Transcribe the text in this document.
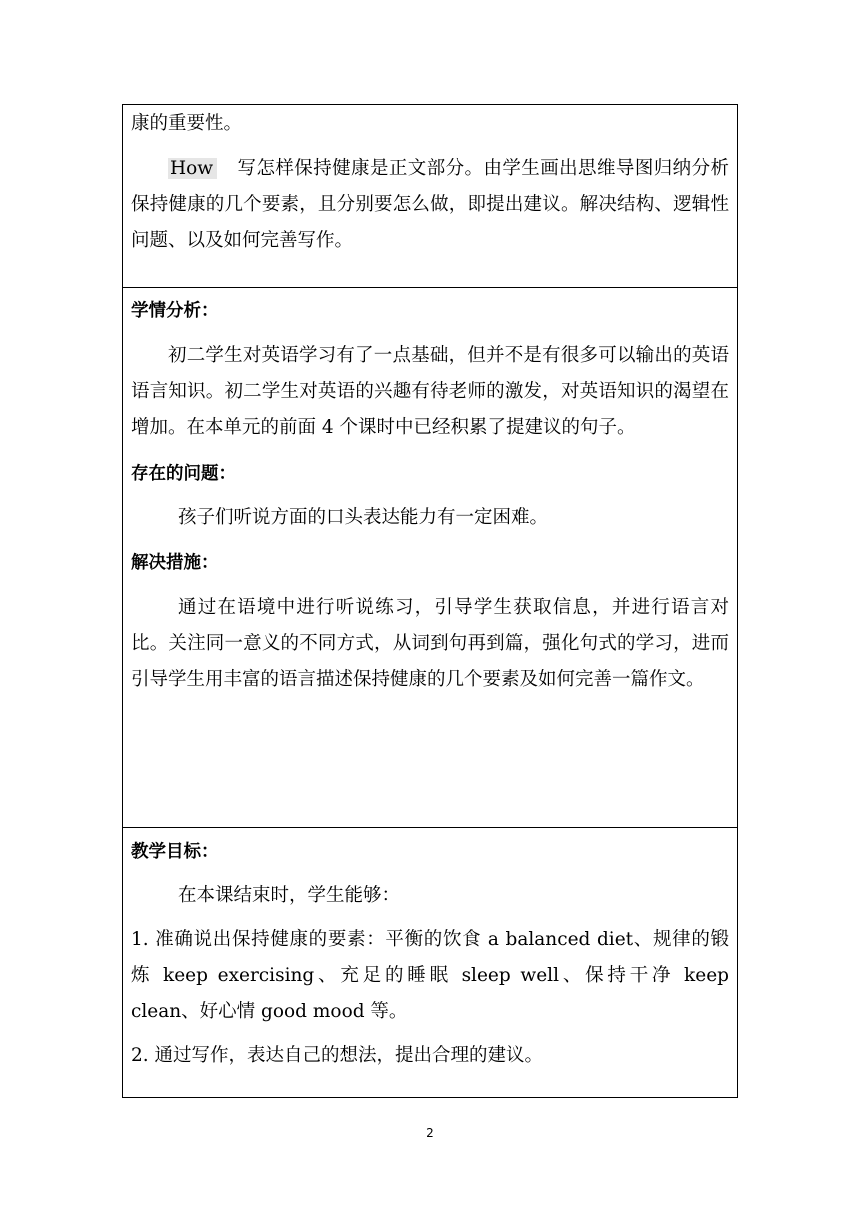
康的重要性。

How 写怎样保持健康是正文部分。由学生画出思维导图归纳分析保持健康的几个要素，且分别要怎么做，即提出建议。解决结构、逻辑性问题、以及如何完善写作。

学情分析：

初二学生对英语学习有了一点基础，但并不是有很多可以输出的英语语言知识。初二学生对英语的兴趣有待老师的激发，对英语知识的渴望在增加。在本单元的前面 4 个课时中已经积累了提建议的句子。

存在的问题：

孩子们听说方面的口头表达能力有一定困难。

解决措施：

通过在语境中进行听说练习，引导学生获取信息，并进行语言对比。关注同一意义的不同方式，从词到句再到篇，强化句式的学习，进而引导学生用丰富的语言描述保持健康的几个要素及如何完善一篇作文。

教学目标：

在本课结束时，学生能够：

1. 准确说出保持健康的要素：平衡的饮食 a balanced diet、规律的锻炼 keep exercising、充足的睡眠 sleep well、保持干净 keep clean、好心情 good mood 等。

2. 通过写作，表达自己的想法，提出合理的建议。

2
